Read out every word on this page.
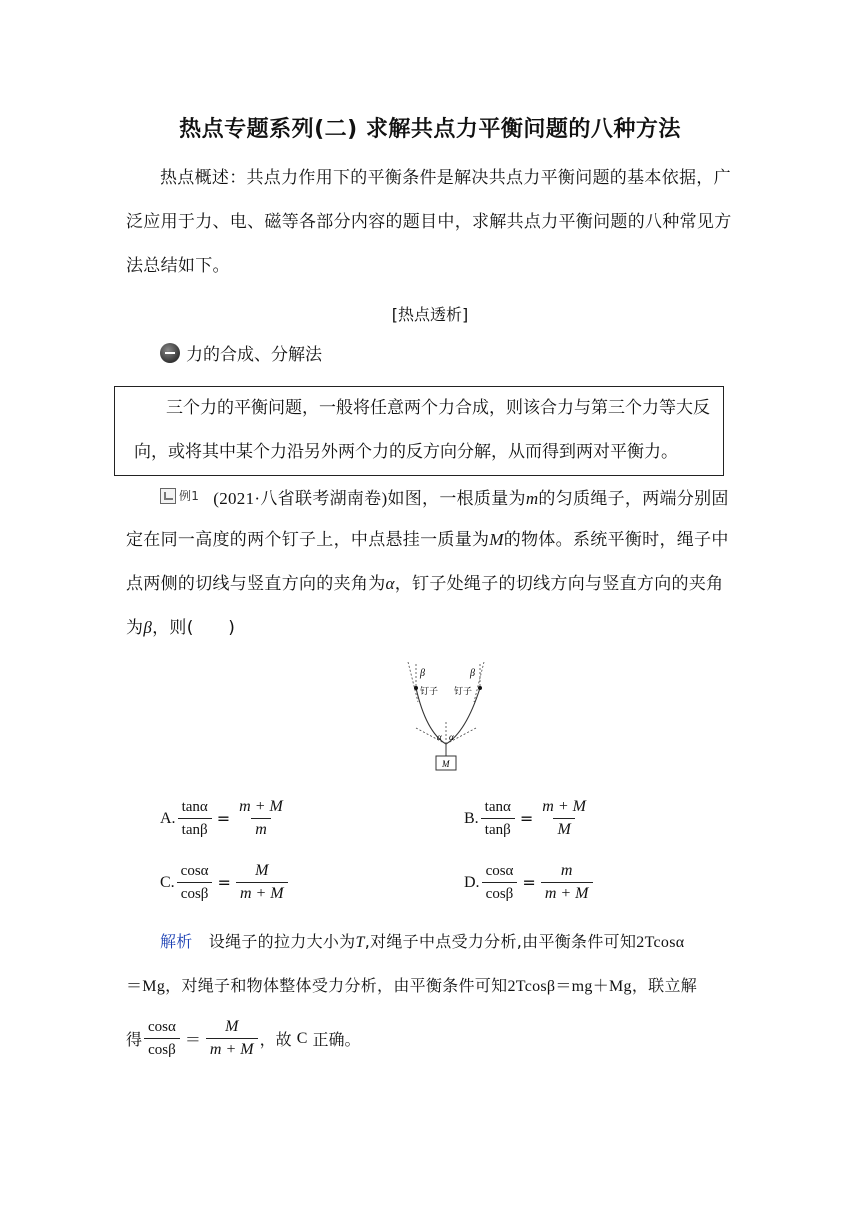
热点专题系列(二) 求解共点力平衡问题的八种方法
热点概述：共点力作用下的平衡条件是解决共点力平衡问题的基本依据，广
泛应用于力、电、磁等各部分内容的题目中，求解共点力平衡问题的八种常见方
法总结如下。
[热点透析]
力的合成、分解法
三个力的平衡问题，一般将任意两个力合成，则该合力与第三个力等大反
向，或将其中某个力沿另外两个力的反方向分解，从而得到两对平衡力。
例1 (2021·八省联考湖南卷)如图，一根质量为m的匀质绳子，两端分别固
定在同一高度的两个钉子上，中点悬挂一质量为M的物体。系统平衡时，绳子中
点两侧的切线与竖直方向的夹角为α，钉子处绳子的切线方向与竖直方向的夹角
为β，则(　　)
β	β
钉子 钉子
α α
M
A. $\frac{\tan\alpha}{\tan\beta} = \frac{m + M}{m}$	B. $\frac{\tan\alpha}{\tan\beta} = \frac{m + M}{M}$
C. $\frac{\cos\alpha}{\cos\beta} = \frac{M}{m + M}$	D. $\frac{\cos\alpha}{\cos\beta} = \frac{m}{m + M}$
解析 设绳子的拉力大小为T,对绳子中点受力分析,由平衡条件可知2Tcosα
＝Mg，对绳子和物体整体受力分析，由平衡条件可知2Tcosβ＝mg＋Mg，联立解
得 $\frac{\cos\alpha}{\cos\beta} = \frac{M}{m + M}$ ，故
C
正确。
